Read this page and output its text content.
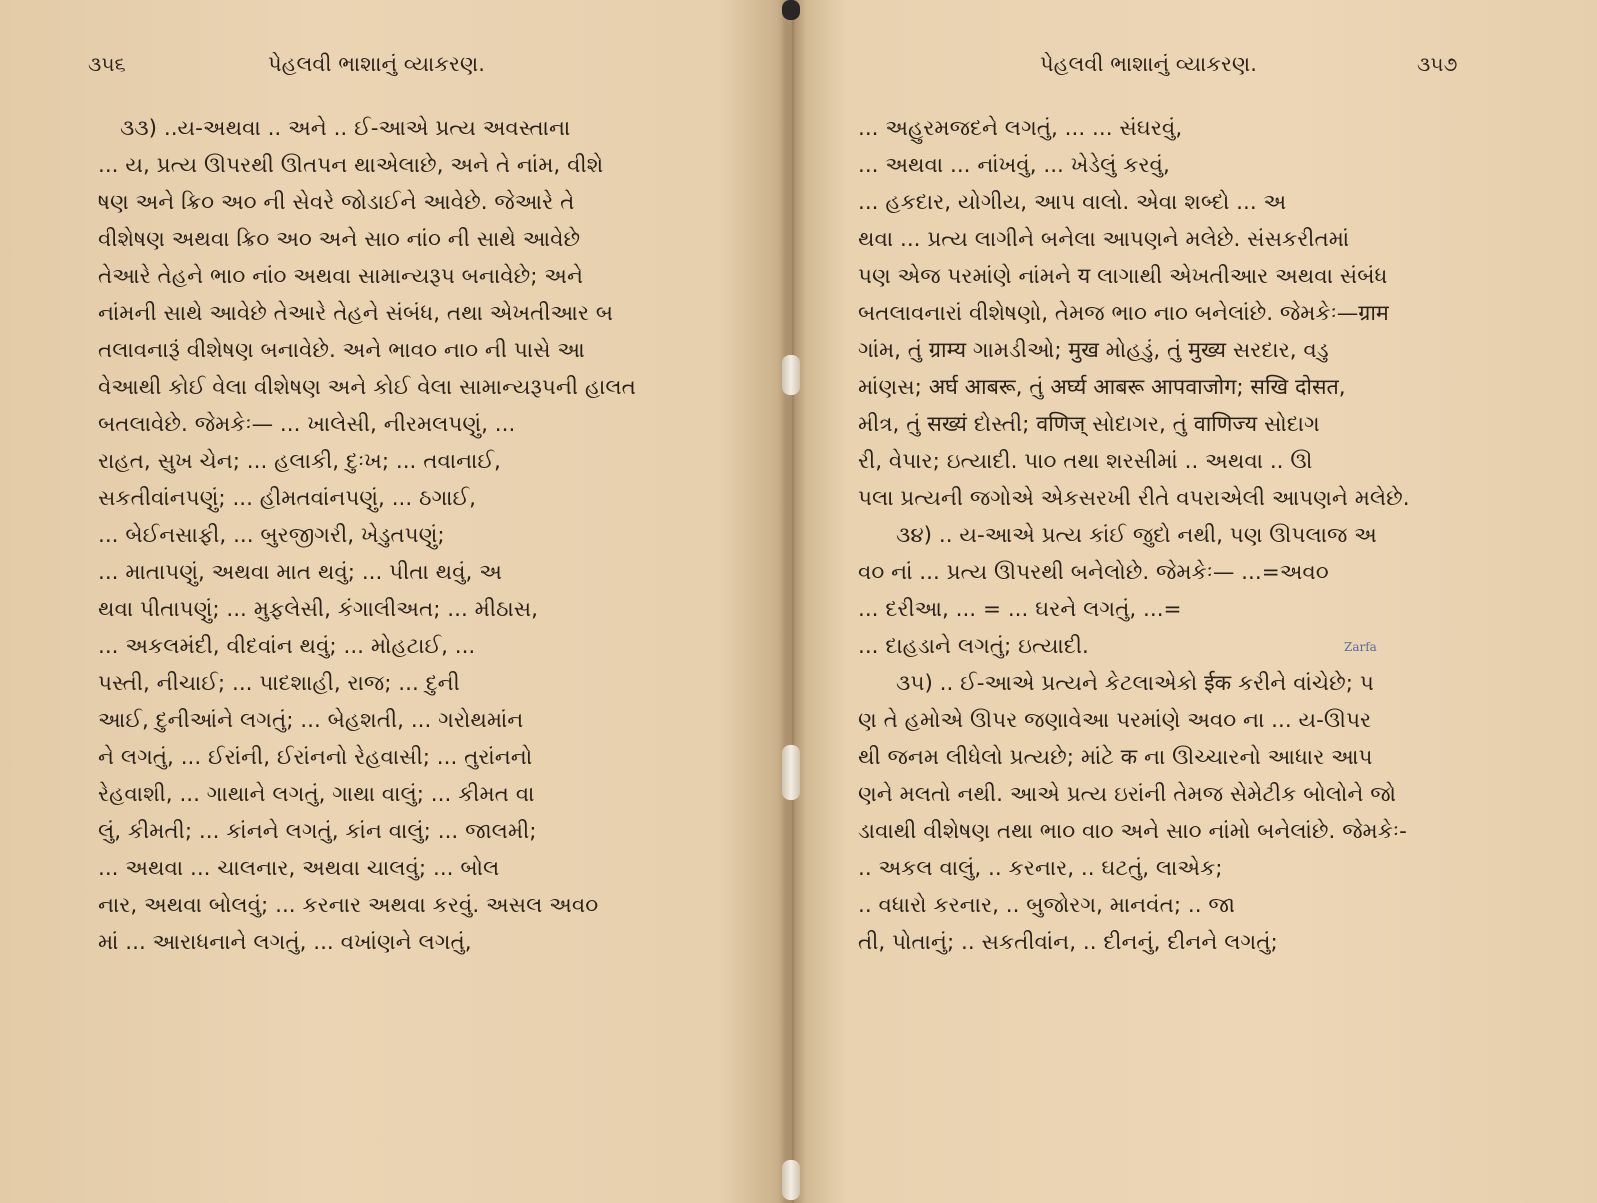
૩૫૬	પેહલવી ભાશાનું વ્યાકરણ.
૩૩) ..ય-અથવા .. અને .. ઈ-આએ પ્રત્ય અવસ્તાના
... ય, પ્રત્ય ઊપરથી ઊતપન થાએલાછે, અને તે નાંમ, વીશે
ષણ અને ક્રિ૦ અ૦ ની સેવરે જોડાઈને આવેછે. જેઆરે તે
વીશેષણ અથવા ક્રિ૦ અ૦ અને સા૦ નાં૦ ની સાથે આવેછે
તેઆરે તેહને ભા૦ નાં૦ અથવા સામાન્યરૂપ બનાવેછે; અને
નાંમની સાથે આવેછે તેઆરે તેહને સંબંધ, તથા એખતીઆર બ
તલાવનારૂં વીશેષણ બનાવેછે. અને ભાવ૦ ના૦ ની પાસે આ
વેઆથી કોઈ વેલા વીશેષણ અને કોઈ વેલા સામાન્યરૂપની હાલત
બતલાવેછે. જેમકેઃ— ... ખાલેસી, નીરમલપણું, ...
રાહત, સુખ ચેન; ... હલાકી, દુઃખ; ... તવાનાઈ,
સકતીવાંનપણું; ... હીમતવાંનપણું, ... ઠગાઈ,
... બેઈનસાફી, ... બુરજીગરી, ખેડુતપણું;
... માતાપણું, અથવા માત થવું; ... પીતા થવું, અ
થવા પીતાપણું; ... મુફલેસી, કંગાલીઅત; ... મીઠાસ,
... અકલમંદી, વીદવાંન થવું; ... મોહટાઈ, ...
પસ્તી, નીચાઈ; ... પાદશાહી, રાજ; ... દુની
આઈ, દુનીઆંને લગતું; ... બેહશતી, ... ગરોથમાંન
ને લગતું, ... ઈરાંની, ઈરાંનનો રેહવાસી; ... તુરાંનનો
રેહવાશી, ... ગાથાને લગતું, ગાથા વાલું; ... કીમત વા
લું, કીમતી; ... કાંનને લગતું, કાંન વાલું; ... જાલમી;
... અથવા ... ચાલનાર, અથવા ચાલવું; ... બોલ
નાર, અથવા બોલવું; ... કરનાર અથવા કરવું. અસલ અવ૦
માં ... આરાધનાને લગતું, ... વખાંણને લગતું,
પેહલવી ભાશાનું વ્યાકરણ.	૩૫૭
... અહુરમજદને લગતું, ... ... સંઘરવું,
... અથવા ... નાંખવું, ... ખેડેલું કરવું,
... હકદાર, યોગીય, આપ વાલો. એવા શબ્દો ... અ
થવા ... પ્રત્ય લાગીને બનેલા આપણને મલેછે. સંસકરીતમાં
પણ એજ પરમાંણે નાંમને य લાગાથી એખતીઆર અથવા સંબંધ
બતલાવનારાં વીશેષણો, તેમજ ભા૦ ના૦ બનેલાંછે. જેમકેઃ—ग्राम
ગાંમ, તું ग्राम्य ગામડીઓ; मुख મોહડું, તું मुख्य સરદાર, વડુ
માંણસ; अर्घ आबरू, તું अर्घ्य आबरू आपवाजोग; सखि दोसत,
મીત્ર, તું सख्यं દોસ્તી; वणिज् સોદાગર, તું वाणिज्य સોદાગ
રી, વેપાર; ઇત્યાદી. પા૦ તથા શરસીમાં .. અથવા .. ઊ
પલા પ્રત્યની જગોએ એકસરખી રીતે વપરાએલી આપણને મલેછે.
૩૪) .. ય-આએ પ્રત્ય કાંઈ જુદો નથી, પણ ઊપલાજ અ
વ૦ નાં ... પ્રત્ય ઊપરથી બનેલોછે. જેમકેઃ— ...=અવ૦
... દરીઆ, ... = ... ઘરને લગતું, ...=
... દાહડાને લગતું; ઇત્યાદી.
૩૫) .. ઈ-આએ પ્રત્યને કેટલાએકો ईक કરીને વાંચેછે; પ
ણ તે હમોએ ઊપર જણાવેઆ પરમાંણે અવ૦ ના ... ય-ઊપર
થી જનમ લીધેલો પ્રત્યછે; માંટે क ના ઊચ્ચારનો આધાર આપ
ણને મલતો નથી. આએ પ્રત્ય ઇરાંની તેમજ સેમેટીક બોલોને જો
ડાવાથી વીશેષણ તથા ભા૦ વા૦ અને સા૦ નાંમો બનેલાંછે. જેમકેઃ-
.. અકલ વાલું, .. કરનાર, .. ઘટતું, લાએક;
.. વધારો કરનાર, .. બુજોરગ, માનવંત; .. જા
તી, પોતાનું; .. સકતીવાંન, .. દીનનું, દીનને લગતું;
Zarfa
